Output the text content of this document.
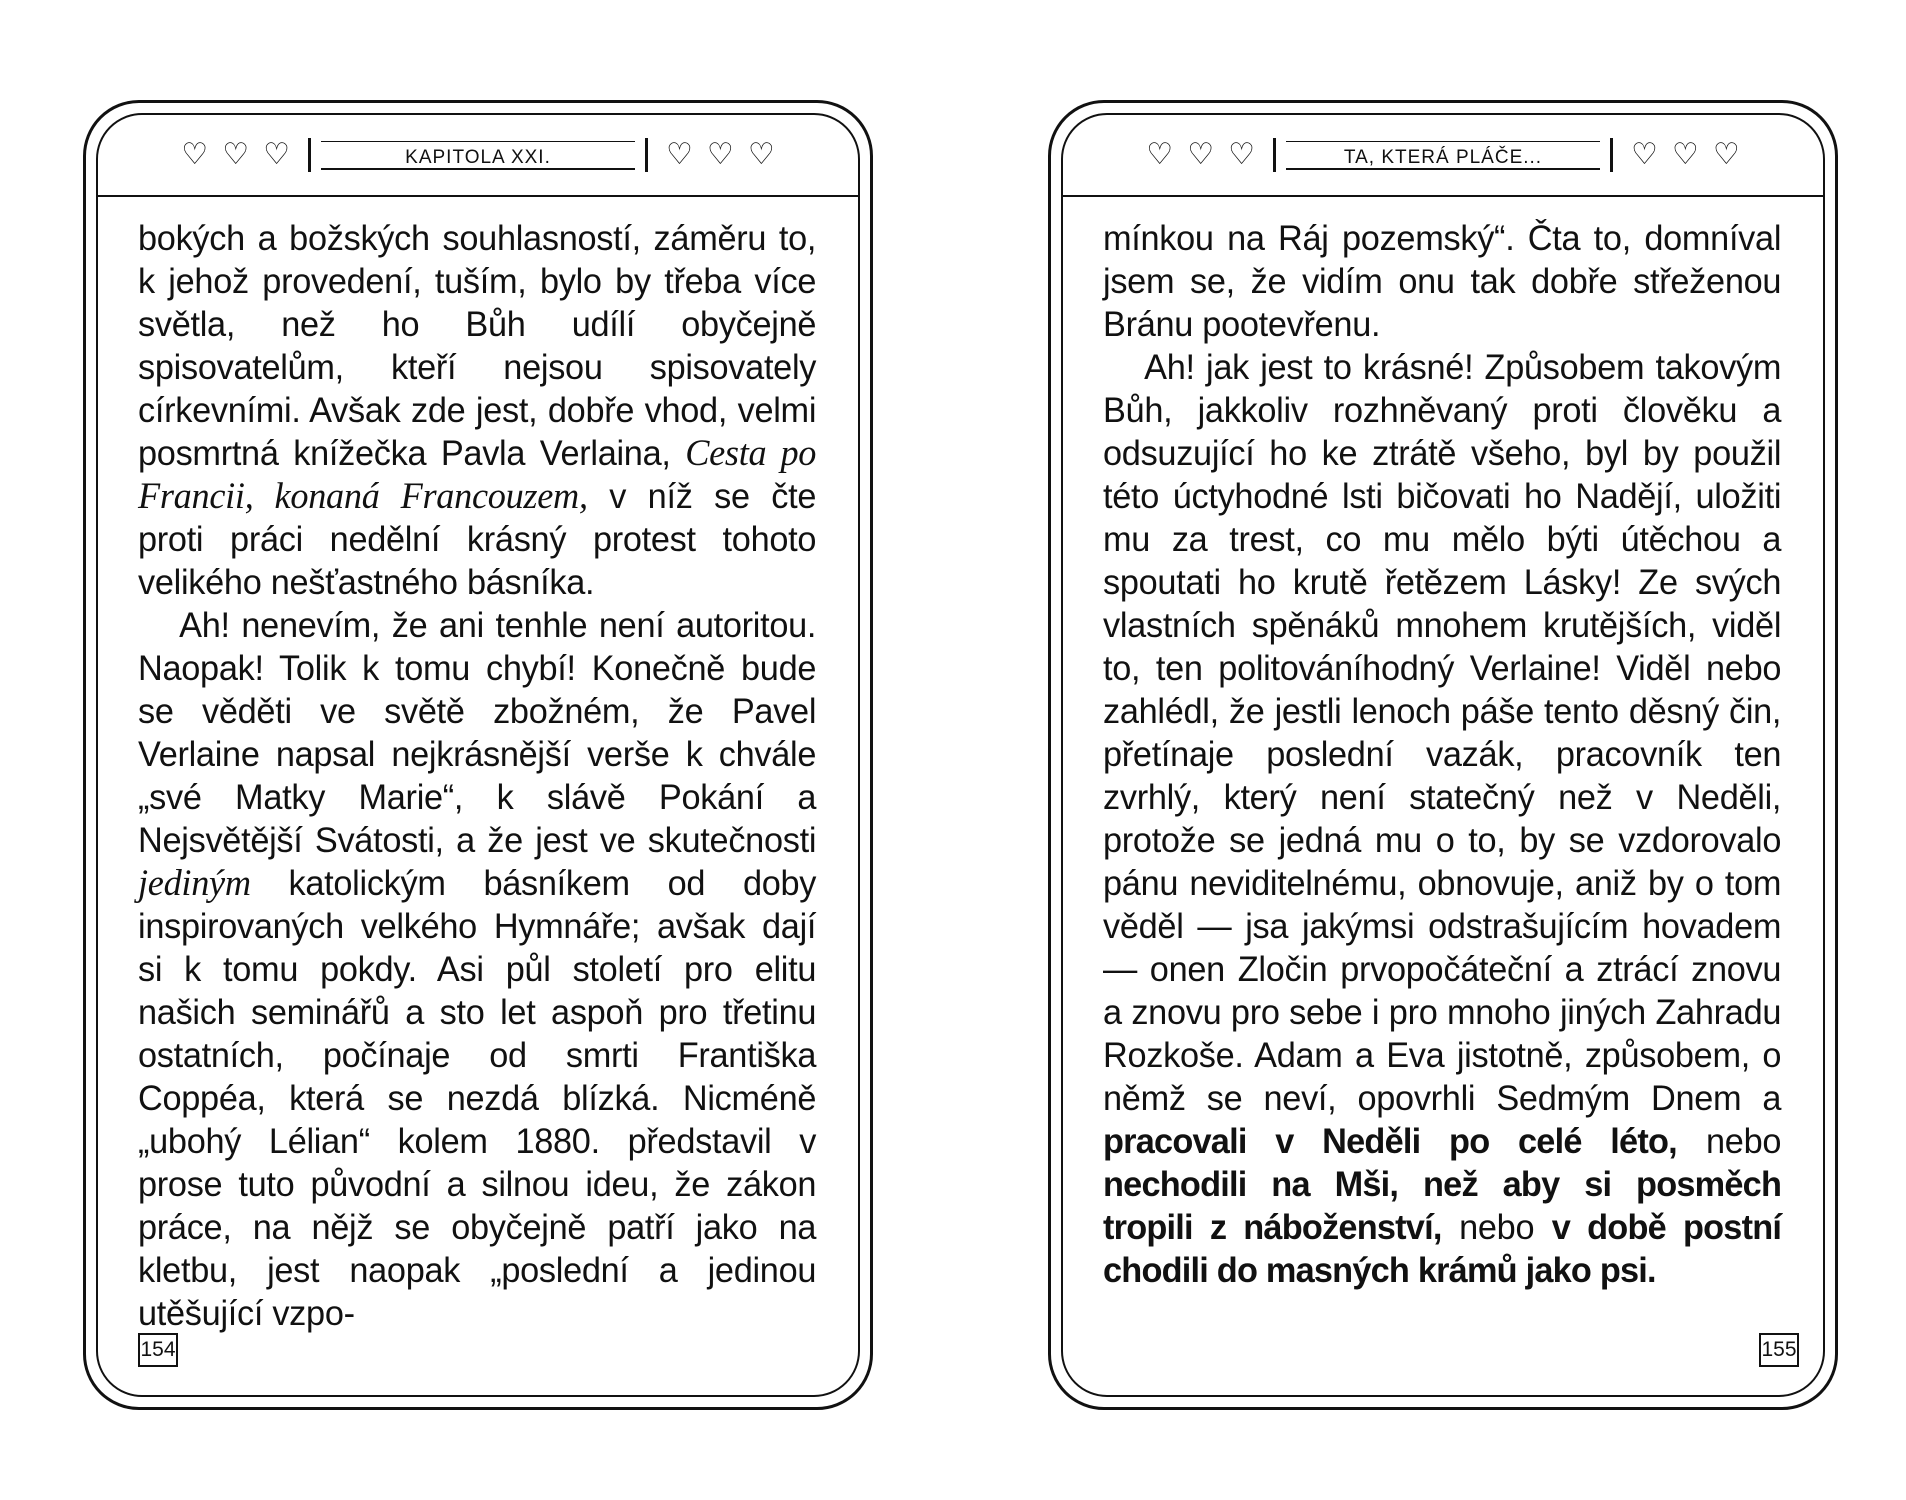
♡ ♡ ♡	KAPITOLA XXI.	♡ ♡ ♡

bokých a božských souhlasností, záměru to, k jehož provedení, tuším, bylo by třeba více světla, než ho Bůh udílí obyčejně spisovatelům, kteří nejsou spisovately církevními. Avšak zde jest, dobře vhod, velmi posmrtná knížečka Pavla Verlaina, Cesta po Francii, konaná Francouzem, v níž se čte proti práci nedělní krásný protest tohoto velikého nešťastného básníka.

Ah! nenevím, že ani tenhle není autoritou. Naopak! Tolik k tomu chybí! Konečně bude se věděti ve světě zbožném, že Pavel Verlaine napsal nejkrásnější verše k chvále „své Matky Marie“, k slávě Pokání a Nejsvětější Svátosti, a že jest ve skutečnosti jediným katolickým básníkem od doby inspirovaných velkého Hymnáře; avšak dají si k tomu pokdy. Asi půl století pro elitu našich seminářů a sto let aspoň pro třetinu ostatních, počínaje od smrti Františka Coppéa, která se nezdá blízká. Nicméně „ubohý Lélian“ kolem 1880. představil v prose tuto původní a silnou ideu, že zákon práce, na nějž se obyčejně patří jako na kletbu, jest naopak „poslední a jedinou utěšující vzpo-

154
♡ ♡ ♡	TA, KTERÁ PLÁČE...	♡ ♡ ♡

mínkou na Ráj pozemský“. Čta to, domníval jsem se, že vidím onu tak dobře střeženou Bránu pootevřenu.

Ah! jak jest to krásné! Způsobem takovým Bůh, jakkoliv rozhněvaný proti člověku a odsuzující ho ke ztrátě všeho, byl by použil této úctyhodné lsti bičovati ho Nadějí, uložiti mu za trest, co mu mělo býti útěchou a spoutati ho krutě řetězem Lásky! Ze svých vlastních spěnáků mnohem krutějších, viděl to, ten politováníhodný Verlaine! Viděl nebo zahlédl, že jestli lenoch páše tento děsný čin, přetínaje poslední vazák, pracovník ten zvrhlý, který není statečný než v Neděli, protože se jedná mu o to, by se vzdorovalo pánu neviditelnému, obnovuje, aniž by o tom věděl — jsa jakýmsi odstrašujícím hovadem — onen Zločin prvopočáteční a ztrácí znovu a znovu pro sebe i pro mnoho jiných Zahradu Rozkoše. Adam a Eva jistotně, způsobem, o němž se neví, opovrhli Sedmým Dnem a pracovali v Neděli po celé léto, nebo nechodili na Mši, než aby si posměch tropili z náboženství, nebo v době postní chodili do masných krámů jako psi.

155
